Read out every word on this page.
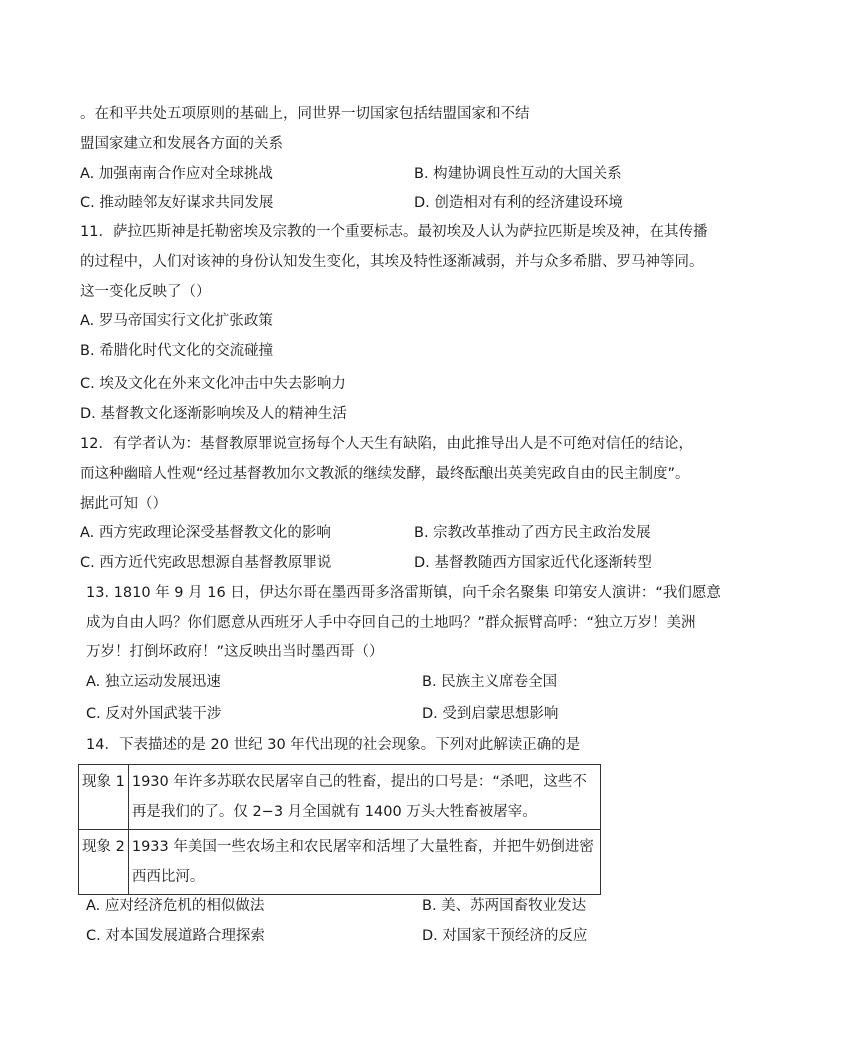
。在和平共处五项原则的基础上，同世界一切国家包括结盟国家和不结
盟国家建立和发展各方面的关系
A. 加强南南合作应对全球挑战	B. 构建协调良性互动的大国关系
C. 推动睦邻友好谋求共同发展	D. 创造相对有利的经济建设环境
11．萨拉匹斯神是托勒密埃及宗教的一个重要标志。最初埃及人认为萨拉匹斯是埃及神，在其传播
的过程中，人们对该神的身份认知发生变化，其埃及特性逐渐减弱，并与众多希腊、罗马神等同。
这一变化反映了（）
A. 罗马帝国实行文化扩张政策
B. 希腊化时代文化的交流碰撞
C. 埃及文化在外来文化冲击中失去影响力
D. 基督教文化逐渐影响埃及人的精神生活
12．有学者认为：基督教原罪说宣扬每个人天生有缺陷，由此推导出人是不可绝对信任的结论，
而这种幽暗人性观“经过基督教加尔文教派的继续发酵，最终酝酿出英美宪政自由的民主制度”。
据此可知（）
A. 西方宪政理论深受基督教文化的影响	B. 宗教改革推动了西方民主政治发展
C. 西方近代宪政思想源自基督教原罪说	D. 基督教随西方国家近代化逐渐转型
13. 1810 年 9 月 16 日，伊达尔哥在墨西哥多洛雷斯镇，向千余名聚集 印第安人演讲：“我们愿意
成为自由人吗？你们愿意从西班牙人手中夺回自己的土地吗？”群众振臂高呼：“独立万岁！美洲
万岁！打倒坏政府！”这反映出当时墨西哥（）
A. 独立运动发展迅速	B. 民族主义席卷全国
C. 反对外国武装干涉	D. 受到启蒙思想影响
14．下表描述的是 20 世纪 30 年代出现的社会现象。下列对此解读正确的是
现象 1	1930 年许多苏联农民屠宰自己的牲畜，提出的口号是：“杀吧，这些不再是我们的了。仅 2−3 月全国就有 1400 万头大牲畜被屠宰。
现象 2	1933 年美国一些农场主和农民屠宰和活埋了大量牲畜，并把牛奶倒进密西西比河。
A. 应对经济危机的相似做法	B. 美、苏两国畜牧业发达
C. 对本国发展道路合理探索	D. 对国家干预经济的反应
